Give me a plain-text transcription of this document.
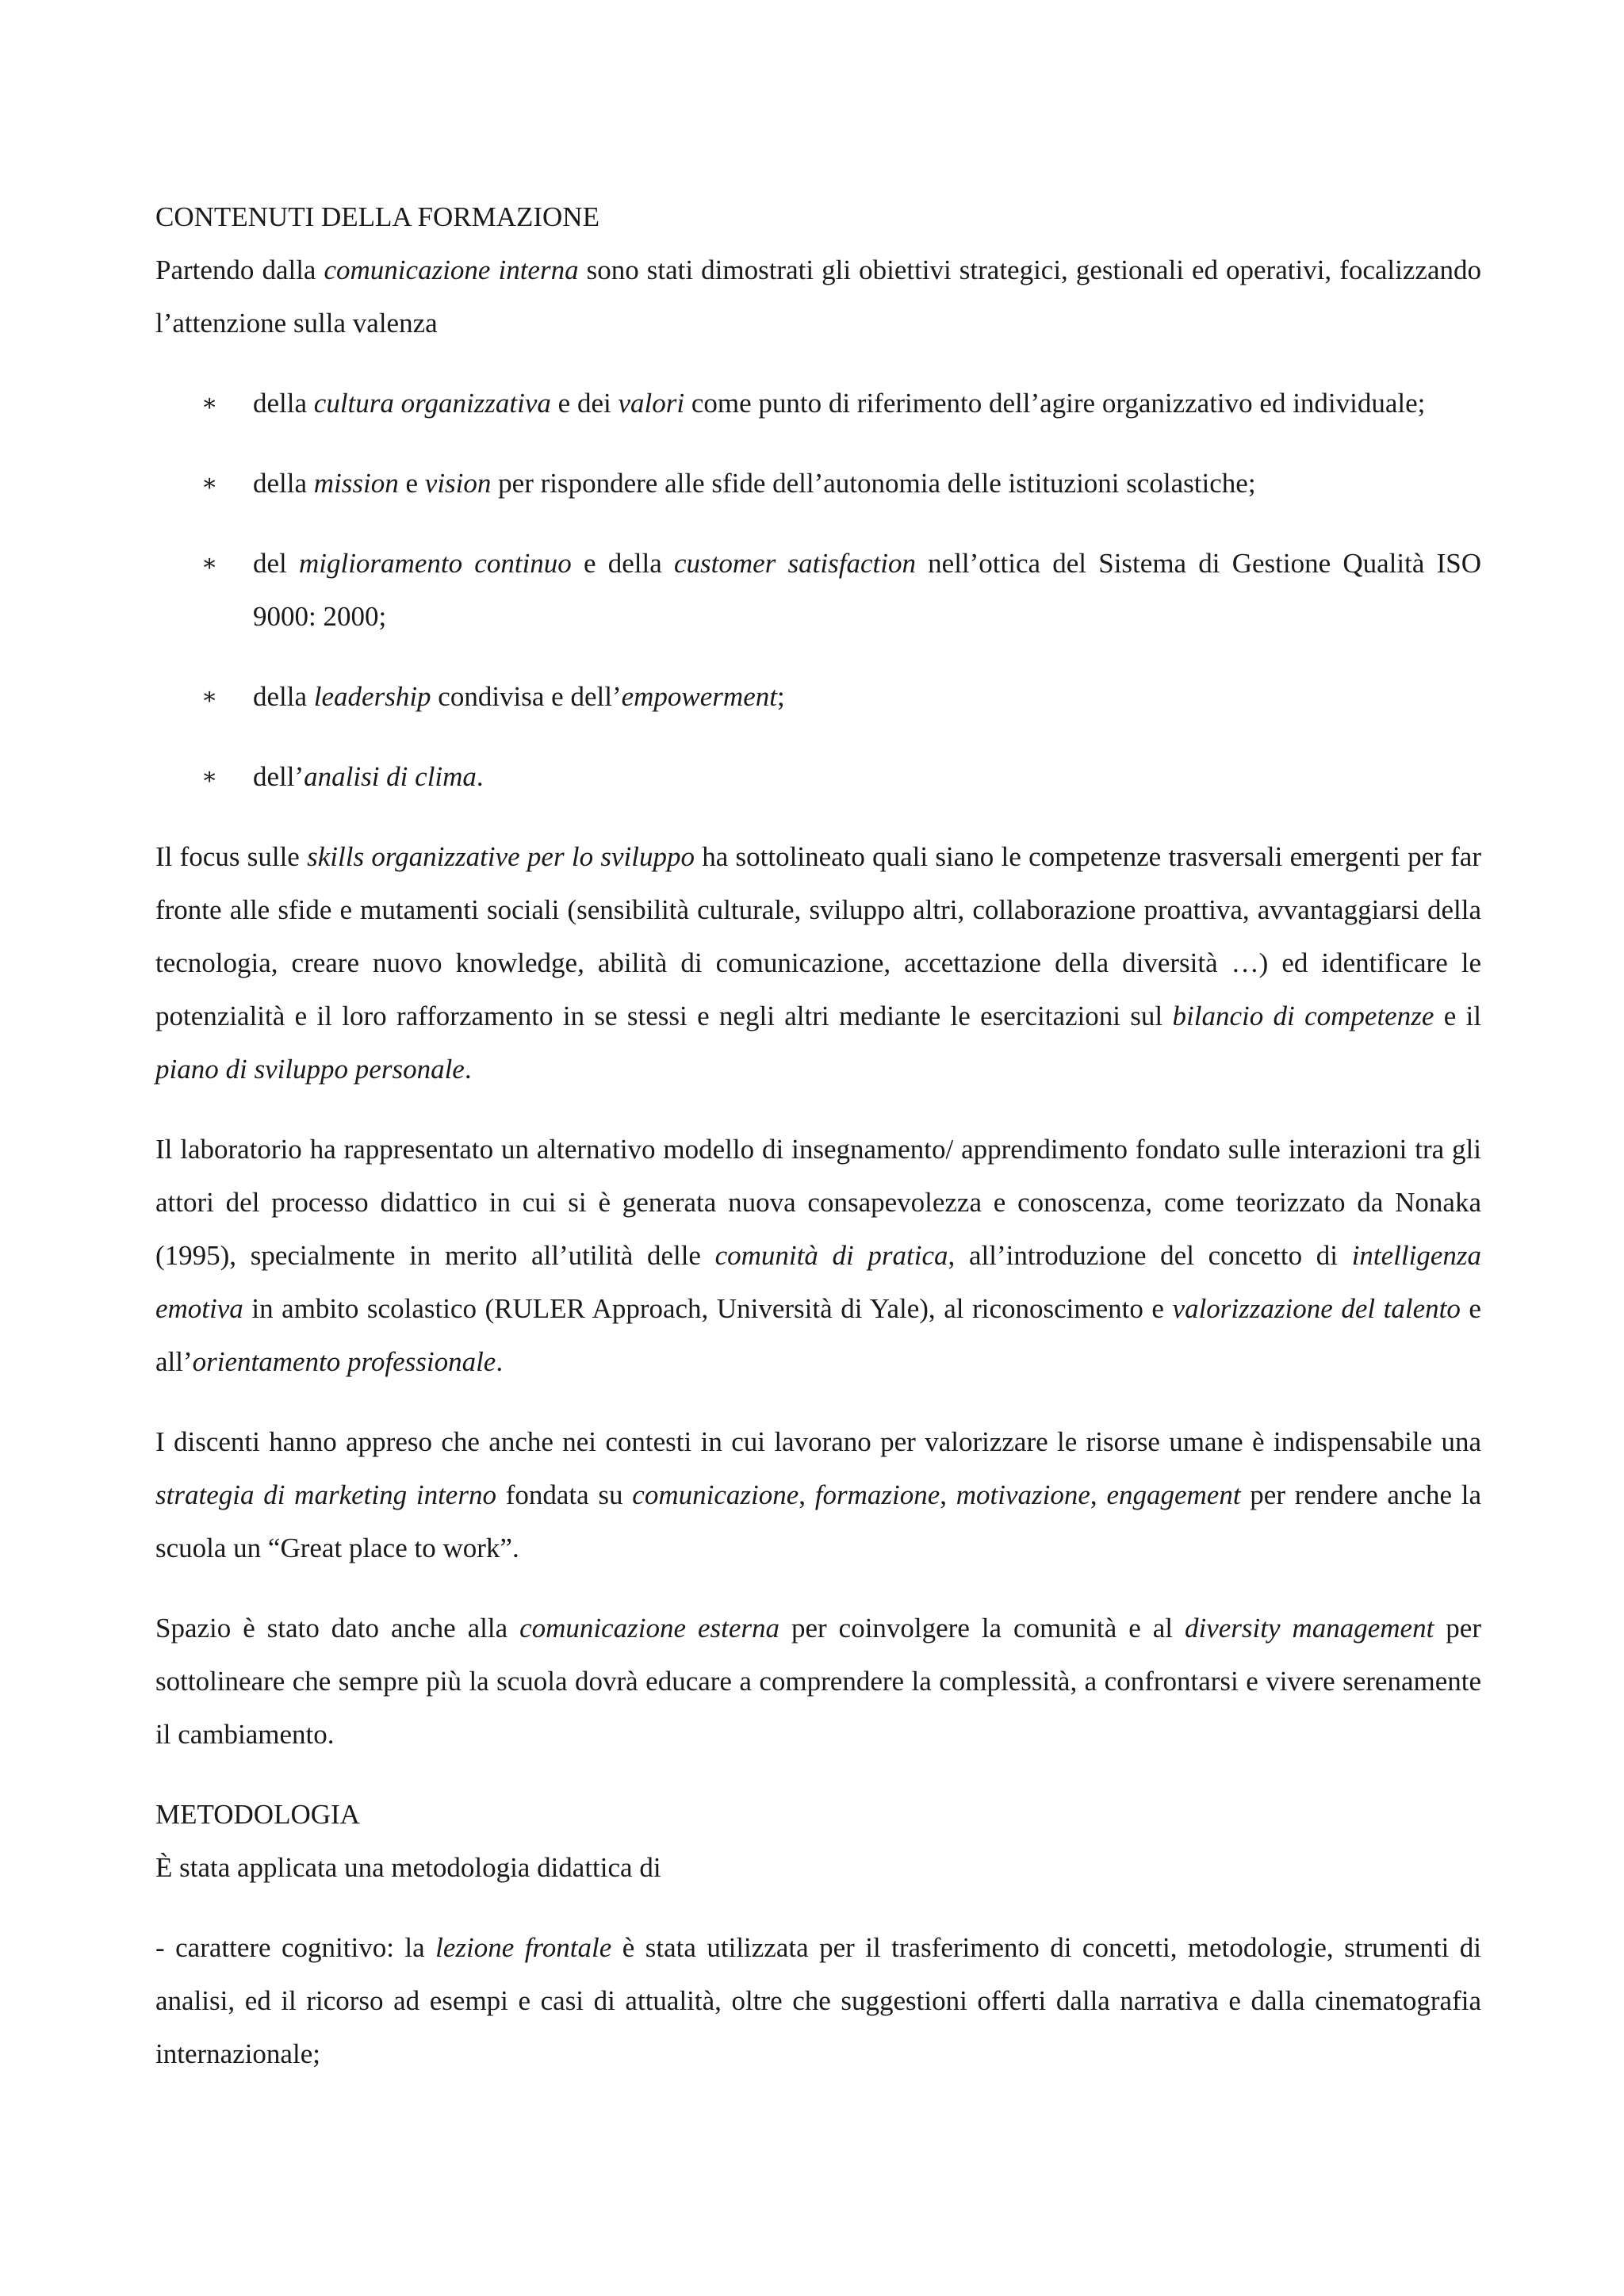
CONTENUTI DELLA FORMAZIONE

Partendo dalla comunicazione interna sono stati dimostrati gli obiettivi strategici, gestionali ed operativi, focalizzando l’attenzione sulla valenza

∗ della cultura organizzativa e dei valori come punto di riferimento dell’agire organizzativo ed individuale;
∗ della mission e vision per rispondere alle sfide dell’autonomia delle istituzioni scolastiche;
∗ del miglioramento continuo e della customer satisfaction nell’ottica del Sistema di Gestione Qualità ISO 9000: 2000;
∗ della leadership condivisa e dell’empowerment;
∗ dell’analisi di clima.

Il focus sulle skills organizzative per lo sviluppo ha sottolineato quali siano le competenze trasversali emergenti per far fronte alle sfide e mutamenti sociali (sensibilità culturale, sviluppo altri, collaborazione proattiva, avvantaggiarsi della tecnologia, creare nuovo knowledge, abilità di comunicazione, accettazione della diversità …) ed identificare le potenzialità e il loro rafforzamento in se stessi e negli altri mediante le esercitazioni sul bilancio di competenze e il piano di sviluppo personale.

Il laboratorio ha rappresentato un alternativo modello di insegnamento/ apprendimento fondato sulle interazioni tra gli attori del processo didattico in cui si è generata nuova consapevolezza e conoscenza, come teorizzato da Nonaka (1995), specialmente in merito all’utilità delle comunità di pratica, all’introduzione del concetto di intelligenza emotiva in ambito scolastico (RULER Approach, Università di Yale), al riconoscimento e valorizzazione del talento e all’orientamento professionale.

I discenti hanno appreso che anche nei contesti in cui lavorano per valorizzare le risorse umane è indispensabile una strategia di marketing interno fondata su comunicazione, formazione, motivazione, engagement per rendere anche la scuola un “Great place to work”.

Spazio è stato dato anche alla comunicazione esterna per coinvolgere la comunità e al diversity management per sottolineare che sempre più la scuola dovrà educare a comprendere la complessità, a confrontarsi e vivere serenamente il cambiamento.

METODOLOGIA

È stata applicata una metodologia didattica di

- carattere cognitivo: la lezione frontale è stata utilizzata per il trasferimento di concetti, metodologie, strumenti di analisi, ed il ricorso ad esempi e casi di attualità, oltre che suggestioni offerti dalla narrativa e dalla cinematografia internazionale;
